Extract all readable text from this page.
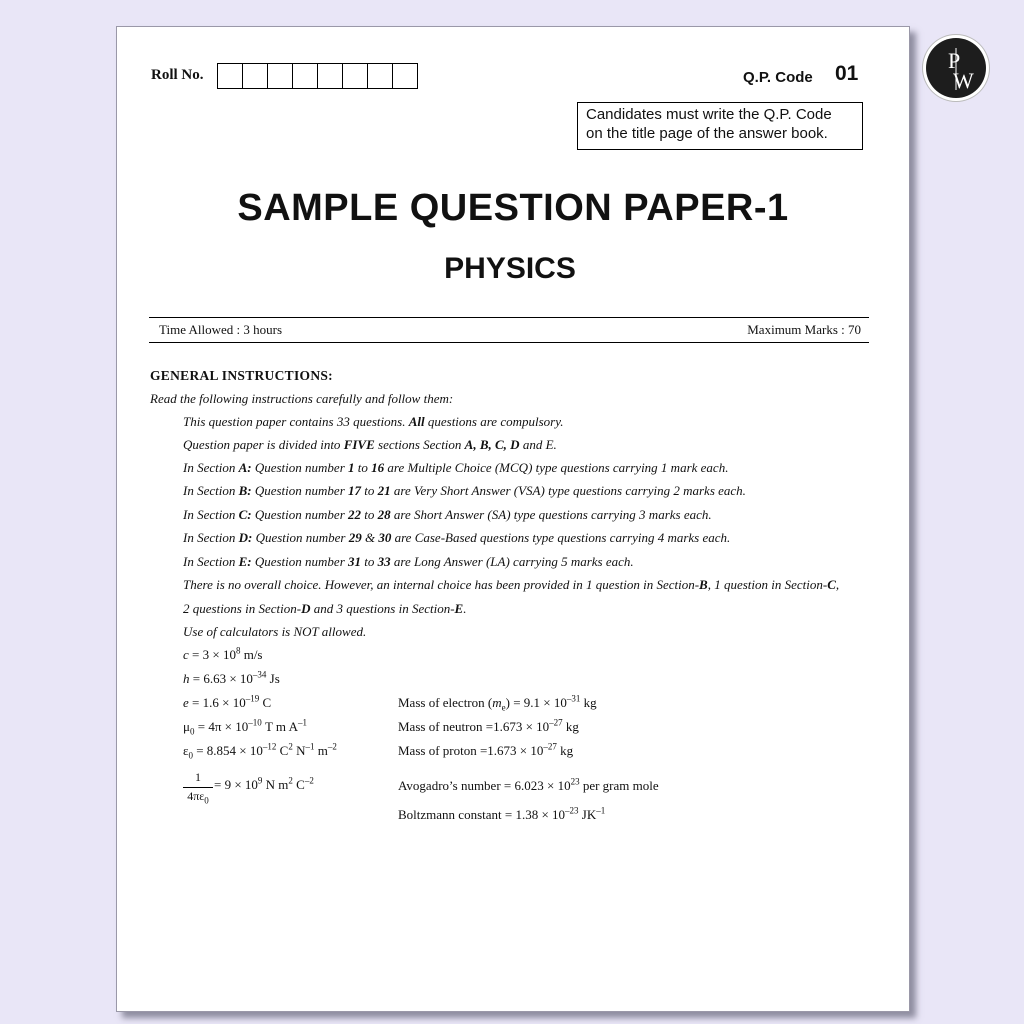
P
W
Roll No.	Q.P. Code 01
Candidates must write the Q.P. Code
on the title page of the answer book.
SAMPLE QUESTION PAPER-1
PHYSICS
Time Allowed : 3 hours	Maximum Marks : 70
GENERAL INSTRUCTIONS:
Read the following instructions carefully and follow them:
This question paper contains 33 questions. All questions are compulsory.
Question paper is divided into FIVE sections Section A, B, C, D and E.
In Section A: Question number 1 to 16 are Multiple Choice (MCQ) type questions carrying 1 mark each.
In Section B: Question number 17 to 21 are Very Short Answer (VSA) type questions carrying 2 marks each.
In Section C: Question number 22 to 28 are Short Answer (SA) type questions carrying 3 marks each.
In Section D: Question number 29 & 30 are Case-Based questions type questions carrying 4 marks each.
In Section E: Question number 31 to 33 are Long Answer (LA) carrying 5 marks each.
There is no overall choice. However, an internal choice has been provided in 1 question in Section-B, 1 question in Section-C,
Use of calculators is NOT allowed.
2 questions in Section-D and 3 questions in Section-E.
$c = 3 \times 10^8$ m/s
$h = 6.63 \times 10^{-34}$ Js
$e = 1.6 \times 10^{-19}$ C
$\mu_0 = 4\pi \times 10^{-10}$ T m $A^{-1}$
$\varepsilon_0 = 8.854 \times 10^{-12}$ $C^2$ $N^{-1}$ $m^{-2}$
$\frac{1}{4\pi\varepsilon_0} = 9 \times 10^9$ N $m^2$ $C^{-2}$
Mass of electron $(m_e) = 9.1 \times 10^{-31}$ kg
Mass of neutron $=1.673 \times 10^{-27}$ kg
Mass of proton $=1.673 \times 10^{-27}$ kg
Avogadro’s number = $6.023 \times 10^{23}$ per gram mole
Boltzmann constant = $1.38 \times 10^{-23}$ $JK^{-1}$
